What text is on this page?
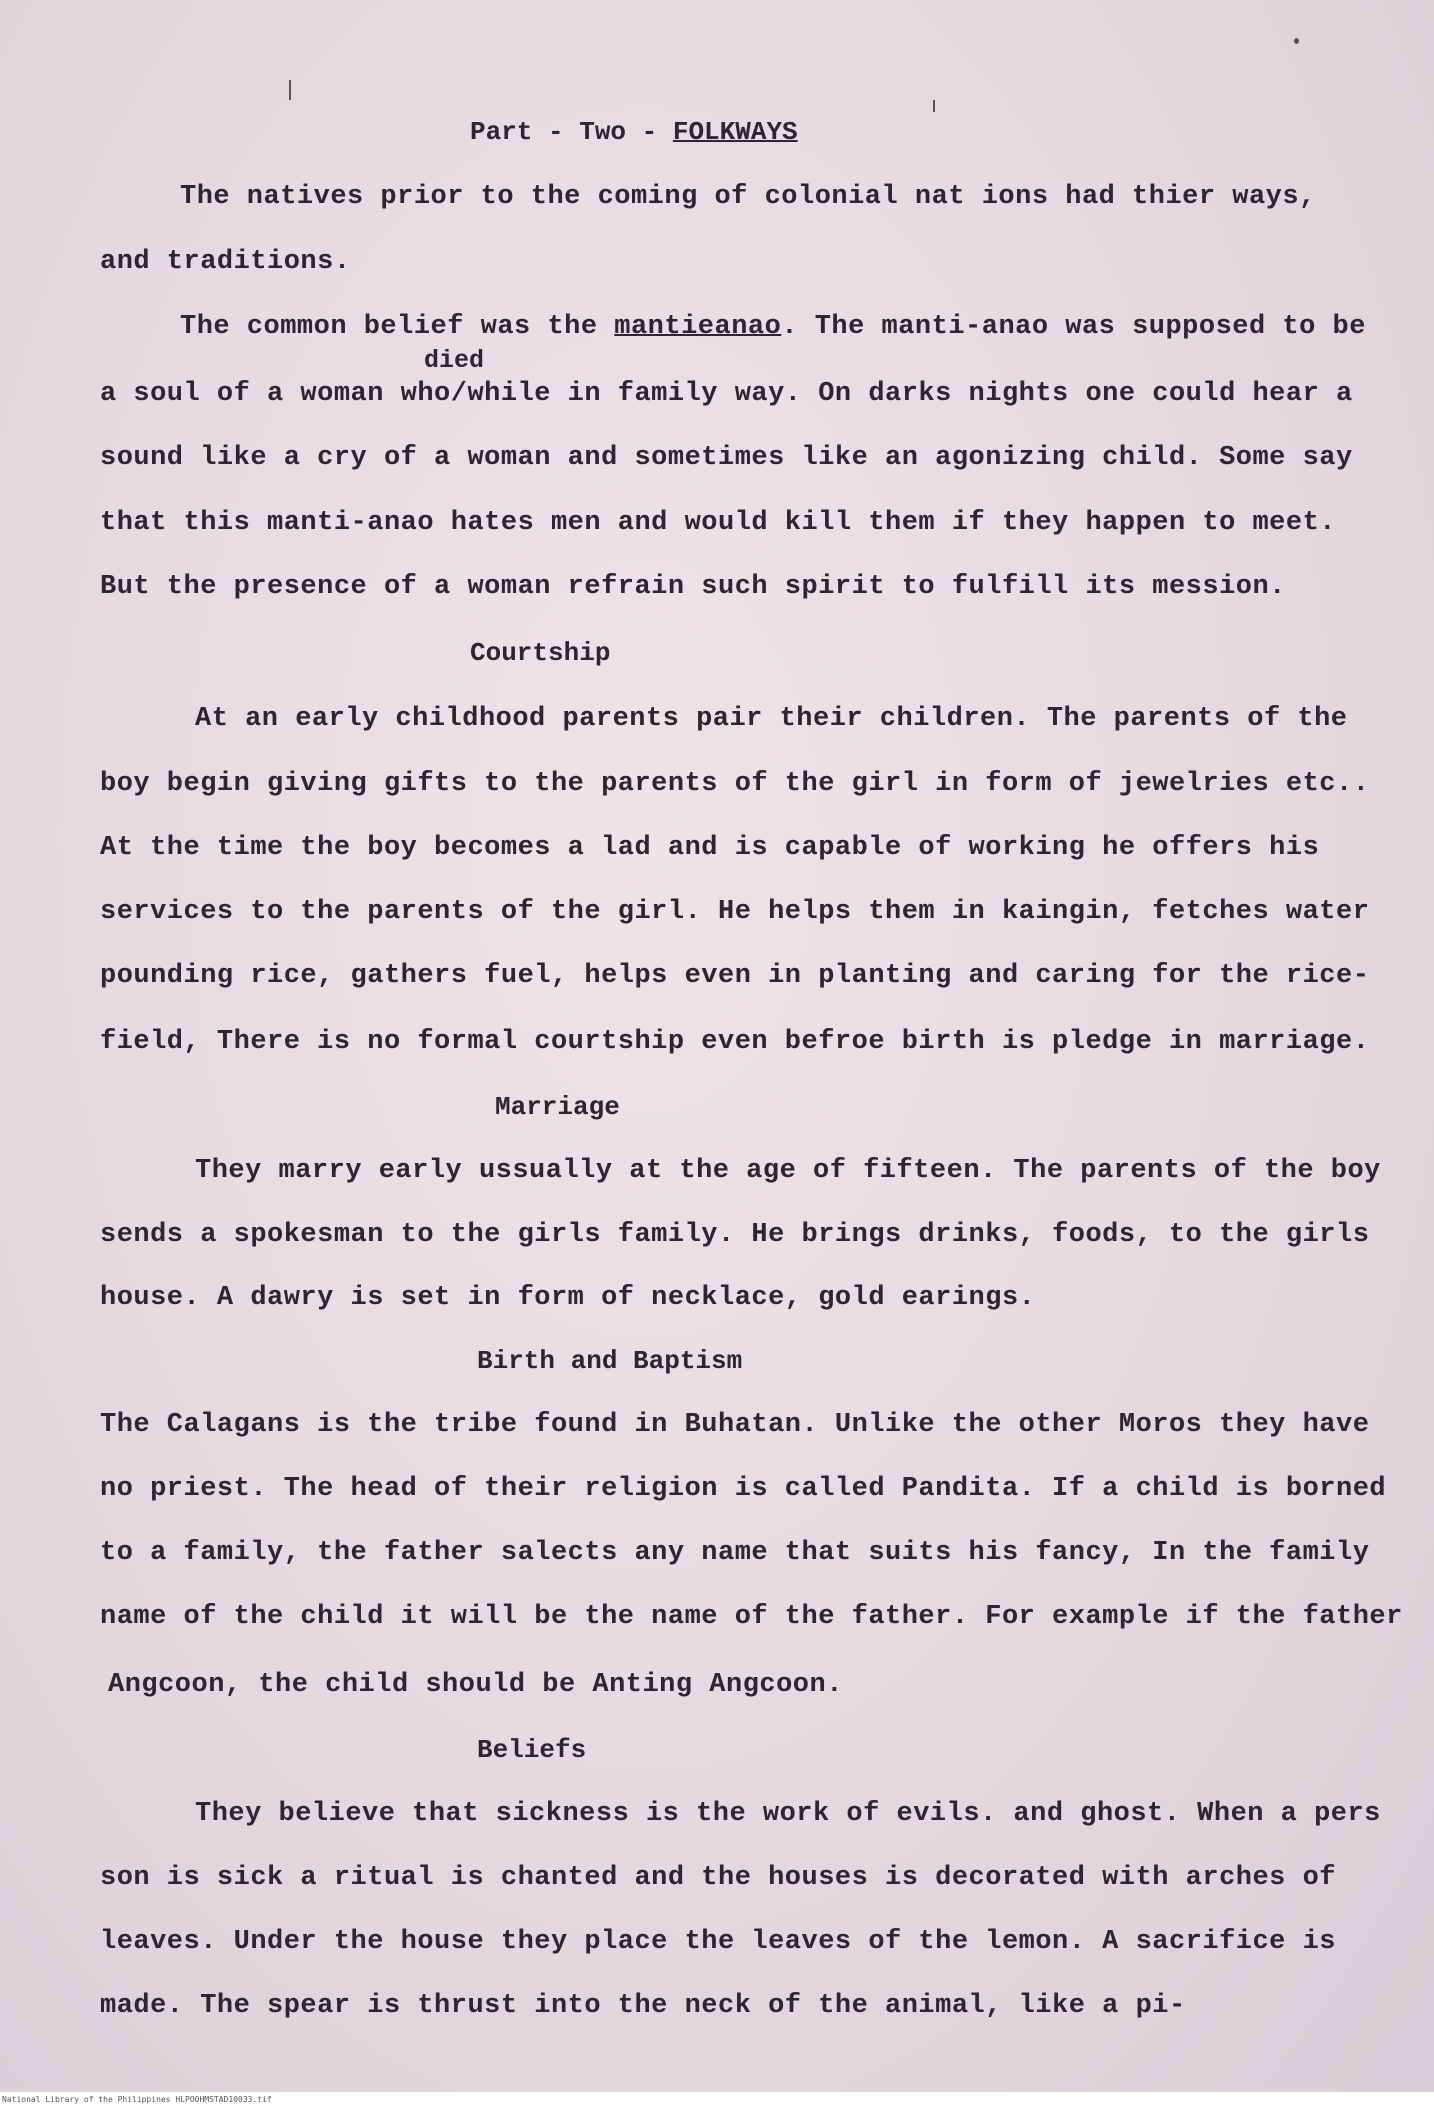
Part - Two - FOLKWAYS
The natives prior to the coming of colonial nat ions had thier ways,
and traditions.
The common belief was the mantieanao. The manti-anao was supposed to be
died
a soul of a woman who/while in family way. On darks nights one could hear a
sound like a cry of a woman and sometimes like an agonizing child. Some say
that this manti-anao hates men and would kill them if they happen to meet.
But the presence of a woman refrain such spirit to fulfill its mession.
Courtship
At an early childhood parents pair their children. The parents of the
boy begin giving gifts to the parents of the girl in form of jewelries etc..
At the time the boy becomes a lad and is capable of working he offers his
services to the parents of the girl. He helps them in kaingin, fetches water
pounding rice, gathers fuel, helps even in planting and caring for the rice-
field, There is no formal courtship even befroe birth is pledge in marriage.
Marriage
They marry early ussually at the age of fifteen. The parents of the boy
sends a spokesman to the girls family. He brings drinks, foods, to the girls
house. A dawry is set in form of necklace, gold earings.
Birth and Baptism
The Calagans is the tribe found in Buhatan. Unlike the other Moros they have
no priest. The head of their religion is called Pandita. If a child is borned
to a family, the father salects any name that suits his fancy, In the family
name of the child it will be the name of the father. For example if the father
Angcoon, the child should be Anting Angcoon.
Beliefs
They believe that sickness is the work of evils. and ghost. When a pers
son is sick a ritual is chanted and the houses is decorated with arches of
leaves. Under the house they place the leaves of the lemon. A sacrifice is
made. The spear is thrust into the neck of the animal, like a pi-
National Library of the Philippines HLPO0HMSTAD10033.tif
